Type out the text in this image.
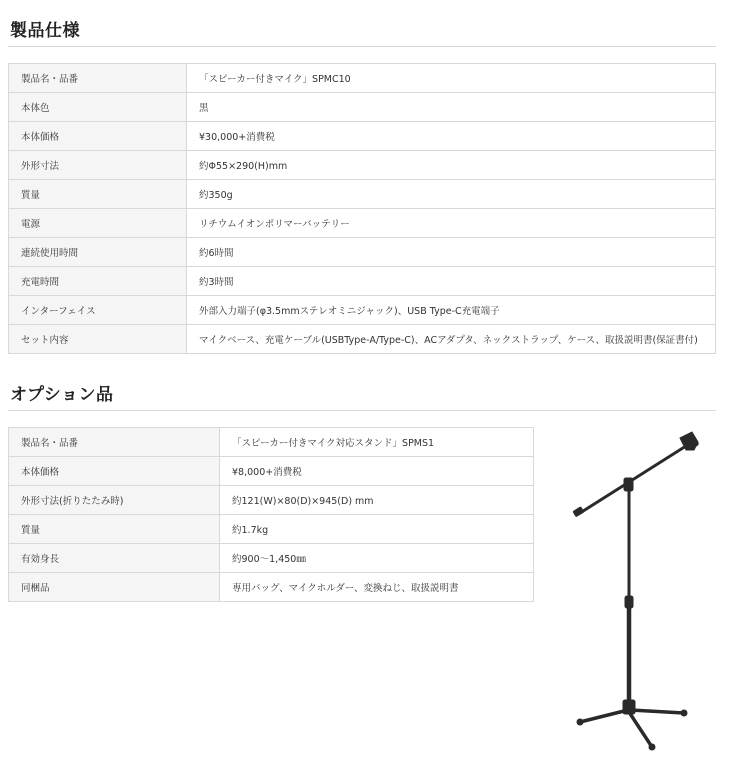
製品仕様
製品名・品番	「スピーカー付きマイク」SPMC10
本体色	黒
本体価格	¥30,000+消費税
外形寸法	約Φ55×290(H)mm
質量	約350g
電源	リチウムイオンポリマーバッテリー
連続使用時間	約6時間
充電時間	約3時間
インターフェイス	外部入力端子(φ3.5mmステレオミニジャック)、USB Type-C充電端子
セット内容	マイクベース、充電ケーブル(USBType-A/Type-C)、ACアダプタ、ネックストラップ、ケース、取扱説明書(保証書付)
オプション品
製品名・品番	「スピーカー付きマイク対応スタンド」SPMS1
本体価格	¥8,000+消費税
外形寸法(折りたたみ時)	約121(W)×80(D)×945(D) mm
質量	約1.7kg
有効身長	約900～1,450㎜
同梱品	専用バッグ、マイクホルダー、変換ねじ、取扱説明書
